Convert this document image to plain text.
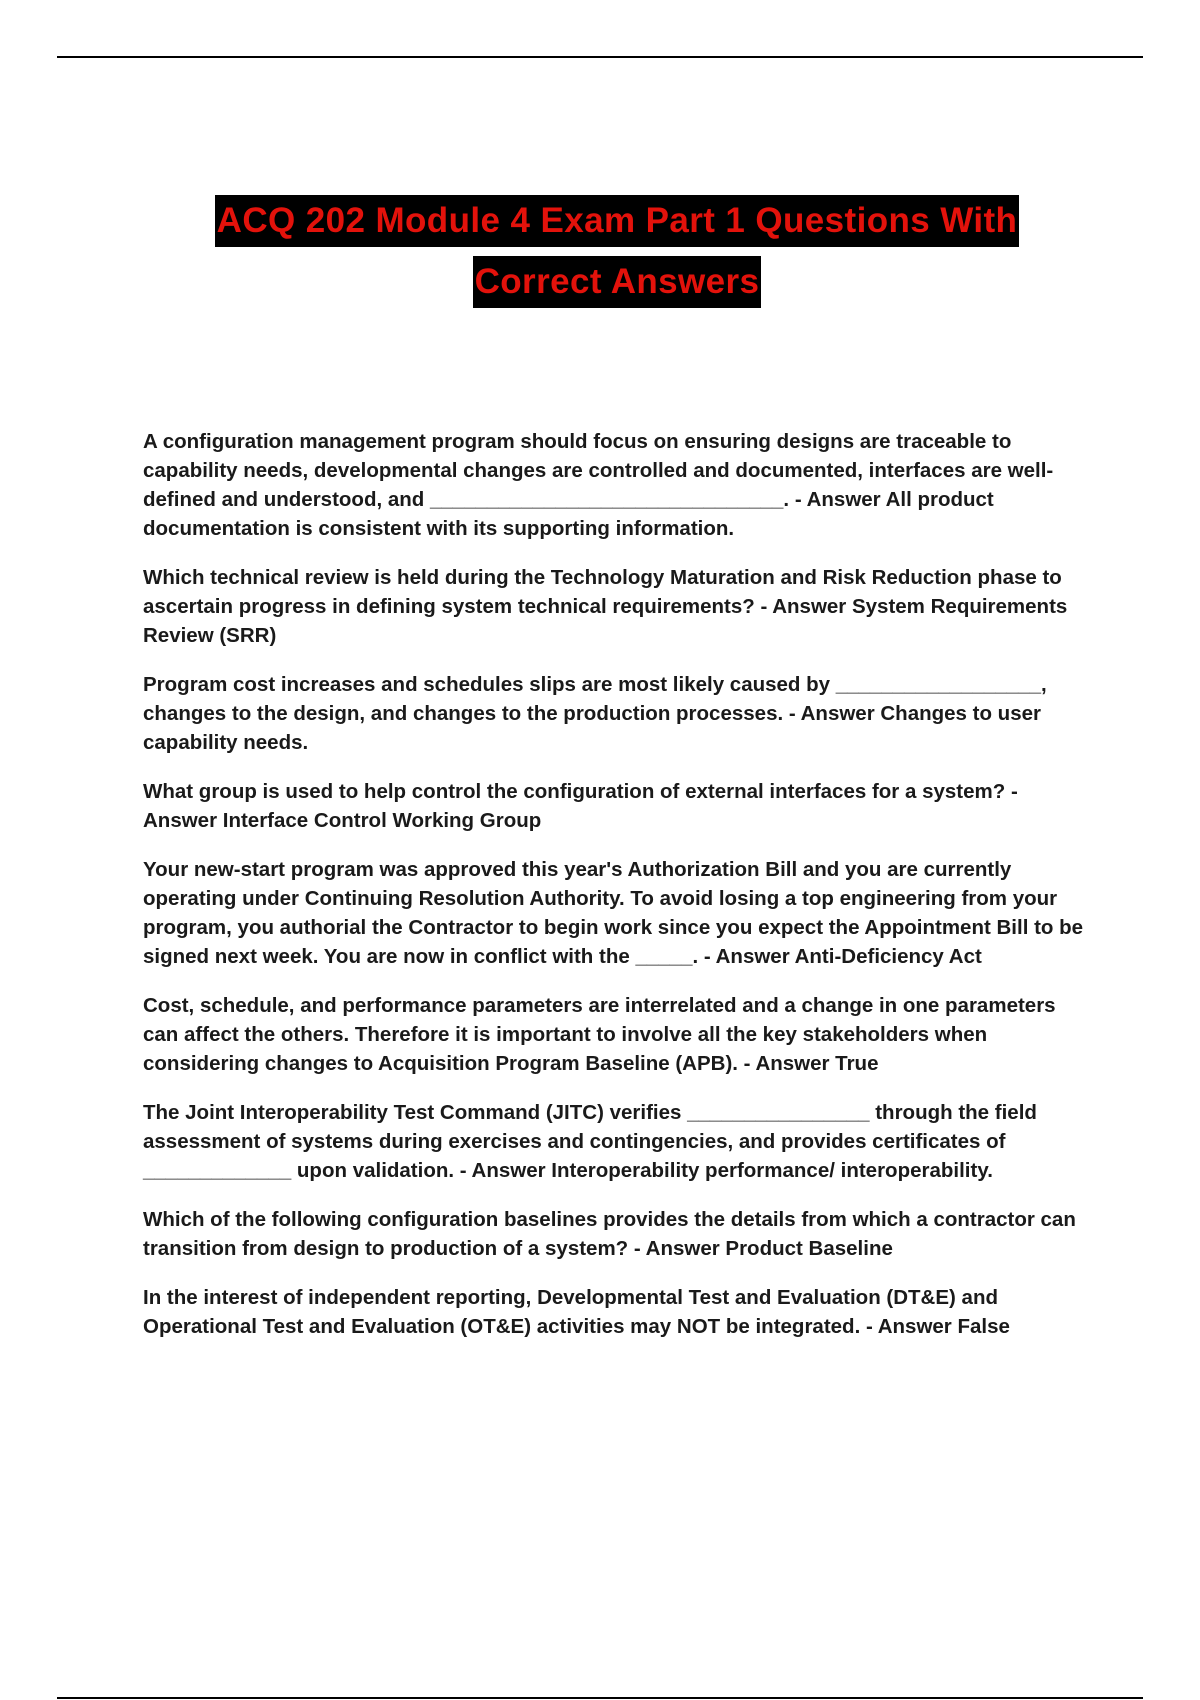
ACQ 202 Module 4 Exam Part 1 Questions With
Correct Answers

A configuration management program should focus on ensuring designs are traceable to capability needs, developmental changes are controlled and documented, interfaces are well-defined and understood, and _______________________________. - Answer All product documentation is consistent with its supporting information.

Which technical review is held during the Technology Maturation and Risk Reduction phase to ascertain progress in defining system technical requirements? - Answer System Requirements Review (SRR)

Program cost increases and schedules slips are most likely caused by __________________, changes to the design, and changes to the production processes. - Answer Changes to user capability needs.

What group is used to help control the configuration of external interfaces for a system? - Answer Interface Control Working Group

Your new-start program was approved this year's Authorization Bill and you are currently operating under Continuing Resolution Authority. To avoid losing a top engineering from your program, you authorial the Contractor to begin work since you expect the Appointment Bill to be signed next week. You are now in conflict with the _____. - Answer Anti-Deficiency Act

Cost, schedule, and performance parameters are interrelated and a change in one parameters can affect the others. Therefore it is important to involve all the key stakeholders when considering changes to Acquisition Program Baseline (APB). - Answer True

The Joint Interoperability Test Command (JITC) verifies ________________ through the field assessment of systems during exercises and contingencies, and provides certificates of _____________ upon validation. - Answer Interoperability performance/ interoperability.

Which of the following configuration baselines provides the details from which a contractor can transition from design to production of a system? - Answer Product Baseline

In the interest of independent reporting, Developmental Test and Evaluation (DT&E) and Operational Test and Evaluation (OT&E) activities may NOT be integrated. - Answer False
